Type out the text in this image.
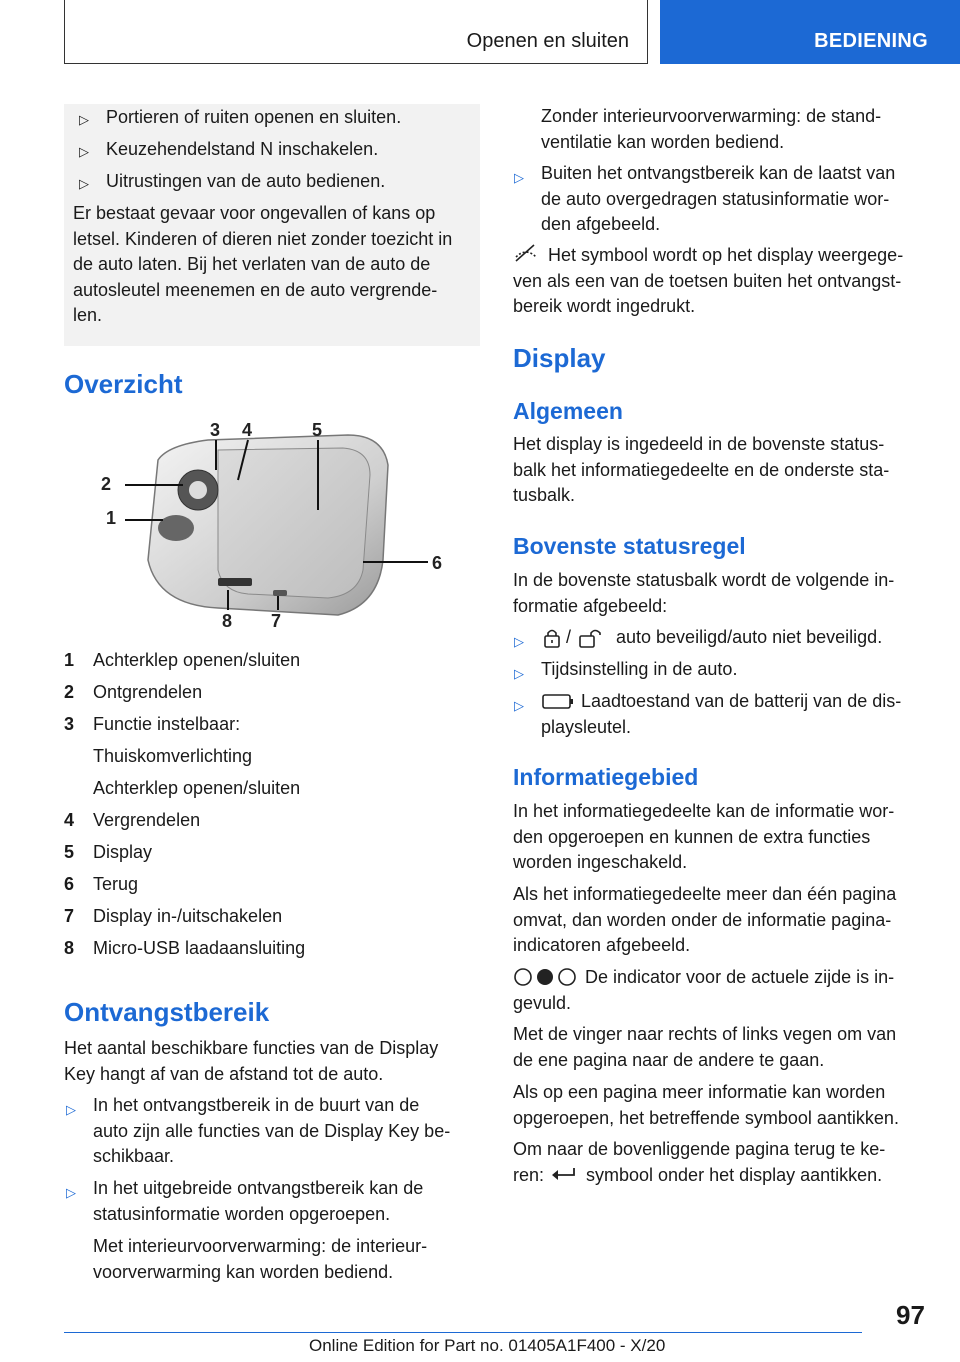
Openen en sluiten	BEDIENING
▷ Portieren of ruiten openen en sluiten.
▷ Keuzehendelstand N inschakelen.
▷ Uitrustingen van de auto bedienen.
Er bestaat gevaar voor ongevallen of kans op
letsel. Kinderen of dieren niet zonder toezicht in
de auto laten. Bij het verlaten van de auto de
autosleutel meenemen en de auto vergrende-
len.
Overzicht
1
2
3 4	5
6
7
8
1 Achterklep openen/sluiten
2 Ontgrendelen
3 Functie instelbaar:
Thuiskomverlichting
Achterklep openen/sluiten
4 Vergrendelen
5 Display
6 Terug
7 Display in-/uitschakelen
8 Micro-USB laadaansluiting
Ontvangstbereik
Het aantal beschikbare functies van de Display
Key hangt af van de afstand tot de auto.
▷ In het ontvangstbereik in de buurt van de
auto zijn alle functies van de Display Key be-
schikbaar.
▷ In het uitgebreide ontvangstbereik kan de
statusinformatie worden opgeroepen.
Met interieurvoorverwarming: de interieur-
voorverwarming kan worden bediend.
Zonder interieurvoorverwarming: de stand-
ventilatie kan worden bediend.
▷ Buiten het ontvangstbereik kan de laatst van
de auto overgedragen statusinformatie wor-
den afgebeeld.
Het symbool wordt op het display weergege-
ven als een van de toetsen buiten het ontvangst-
bereik wordt ingedrukt.
Display
Algemeen
Het display is ingedeeld in de bovenste status-
balk het informatiegedeelte en de onderste sta-
tusbalk.
Bovenste statusregel
In de bovenste statusbalk wordt de volgende in-
formatie afgebeeld:
▷ / auto beveiligd/auto niet beveiligd.
▷ Tijdsinstelling in de auto.
▷	Laadtoestand van de batterij van de dis-
playsleutel.
Informatiegebied
In het informatiegedeelte kan de informatie wor-
den opgeroepen en kunnen de extra functies
worden ingeschakeld.
Als het informatiegedeelte meer dan één pagina
omvat, dan worden onder de informatie pagina-
indicatoren afgebeeld.
De indicator voor de actuele zijde is in-
gevuld.
Met de vinger naar rechts of links vegen om van
de ene pagina naar de andere te gaan.
Als op een pagina meer informatie kan worden
opgeroepen, het betreffende symbool aantikken.
Om naar de bovenliggende pagina terug te ke-
ren: symbool onder het display aantikken.
97
Online Edition for Part no. 01405A1F400 - X/20
